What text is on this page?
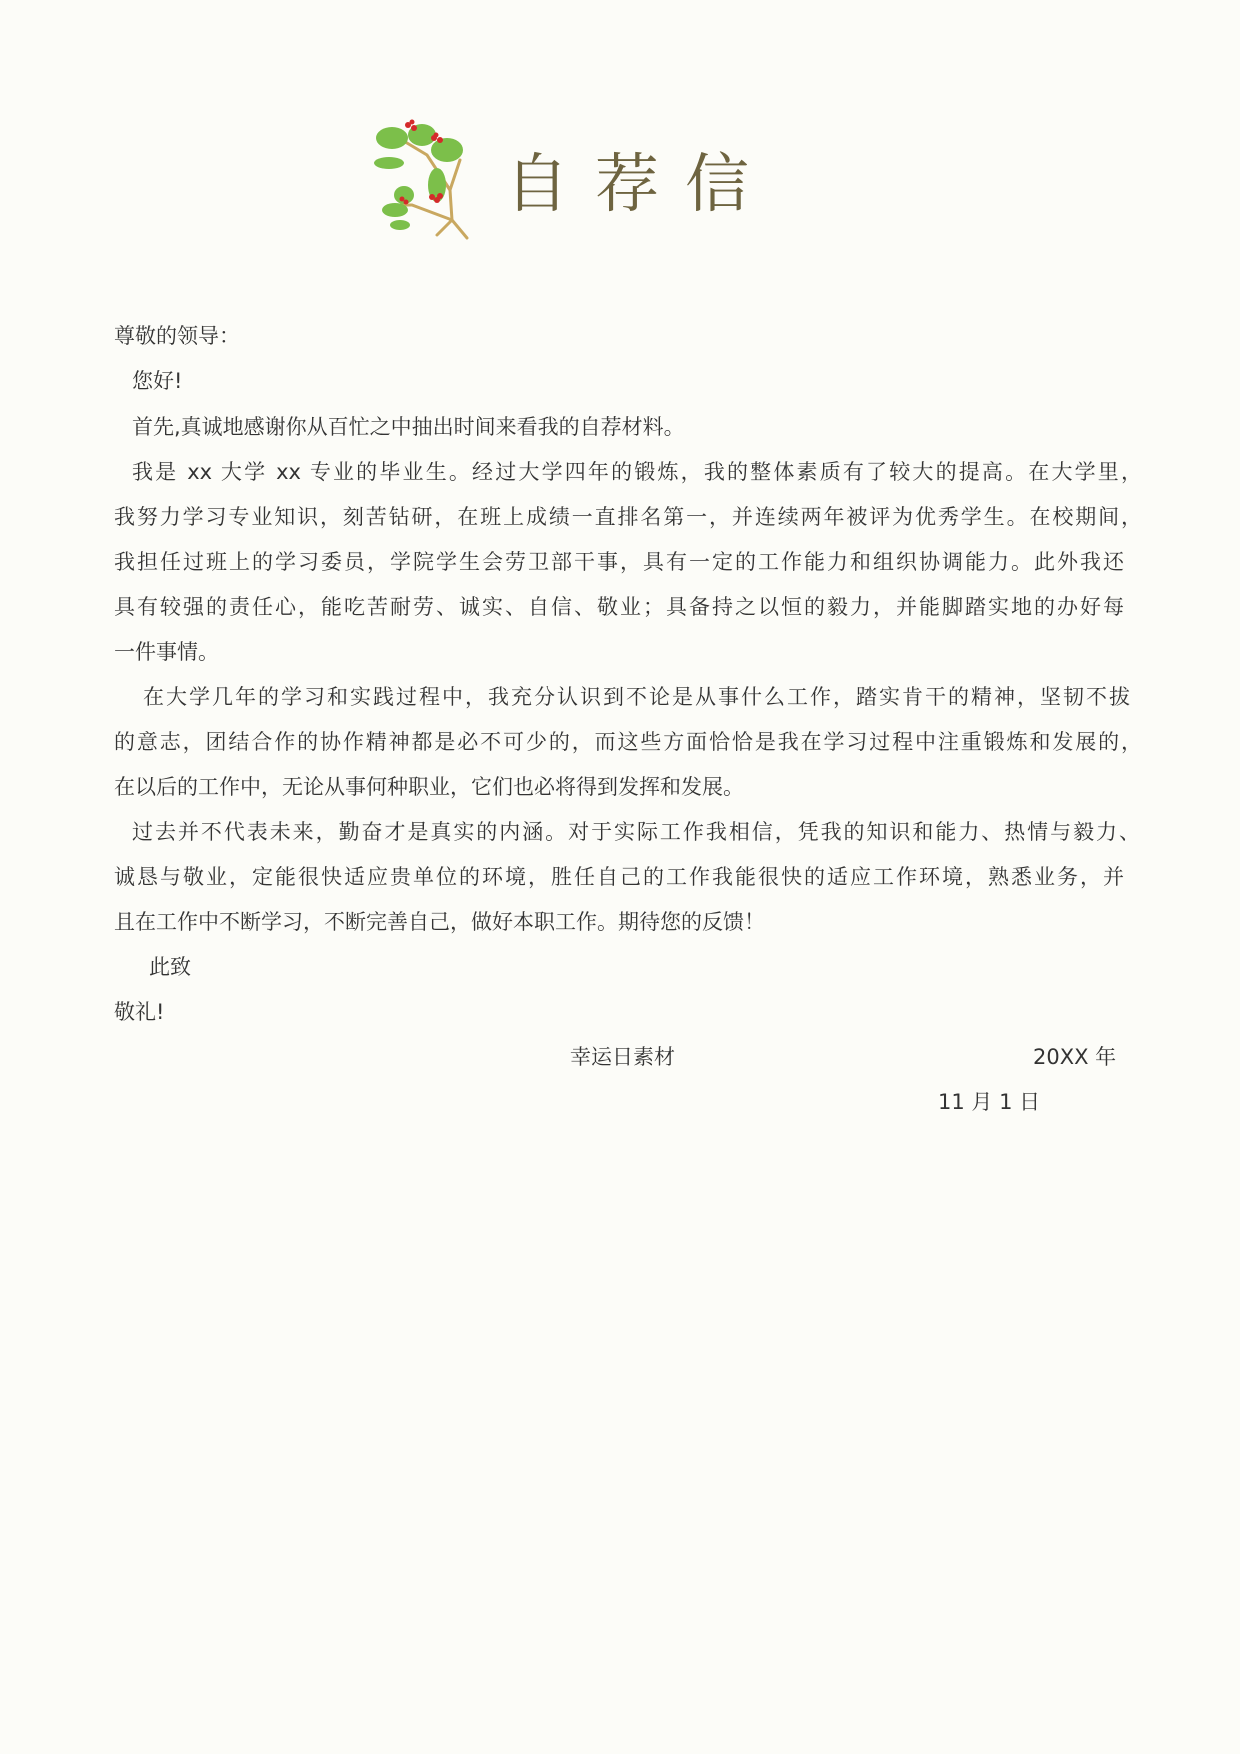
自荐信
尊敬的领导：
您好!
首先,真诚地感谢你从百忙之中抽出时间来看我的自荐材料。
我是 xx 大学 xx 专业的毕业生。经过大学四年的锻炼，我的整体素质有了较大的提高。在大学里，
我努力学习专业知识，刻苦钻研，在班上成绩一直排名第一，并连续两年被评为优秀学生。在校期间，
我担任过班上的学习委员，学院学生会劳卫部干事，具有一定的工作能力和组织协调能力。此外我还
具有较强的责任心，能吃苦耐劳、诚实、自信、敬业；具备持之以恒的毅力，并能脚踏实地的办好每
一件事情。
在大学几年的学习和实践过程中，我充分认识到不论是从事什么工作，踏实肯干的精神，坚韧不拔
的意志，团结合作的协作精神都是必不可少的，而这些方面恰恰是我在学习过程中注重锻炼和发展的，
在以后的工作中，无论从事何种职业，它们也必将得到发挥和发展。
过去并不代表未来，勤奋才是真实的内涵。对于实际工作我相信，凭我的知识和能力、热情与毅力、
诚恳与敬业，定能很快适应贵单位的环境，胜任自己的工作我能很快的适应工作环境，熟悉业务，并
且在工作中不断学习，不断完善自己，做好本职工作。期待您的反馈！
此致
敬礼!
幸运日素材	20XX 年
11 月 1 日
